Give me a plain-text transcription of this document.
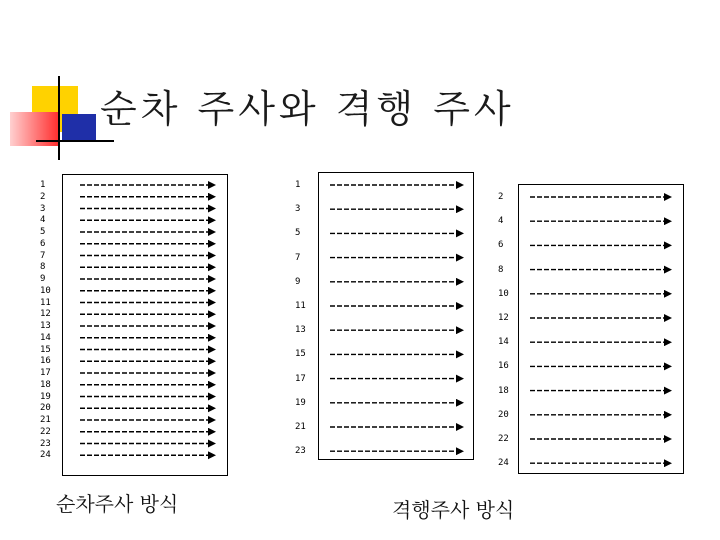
순차 주사와 격행 주사
순차주사 방식	격행주사 방식
1
2
3
4
5
6
7
8
9
10
11
12
13
14
15
16
17
18
19
20
21
22
23
24
1
3
5
7
9
11
13
15
17
19
21
23
2
4
6
8
10
12
14
16
18
20
22
24
